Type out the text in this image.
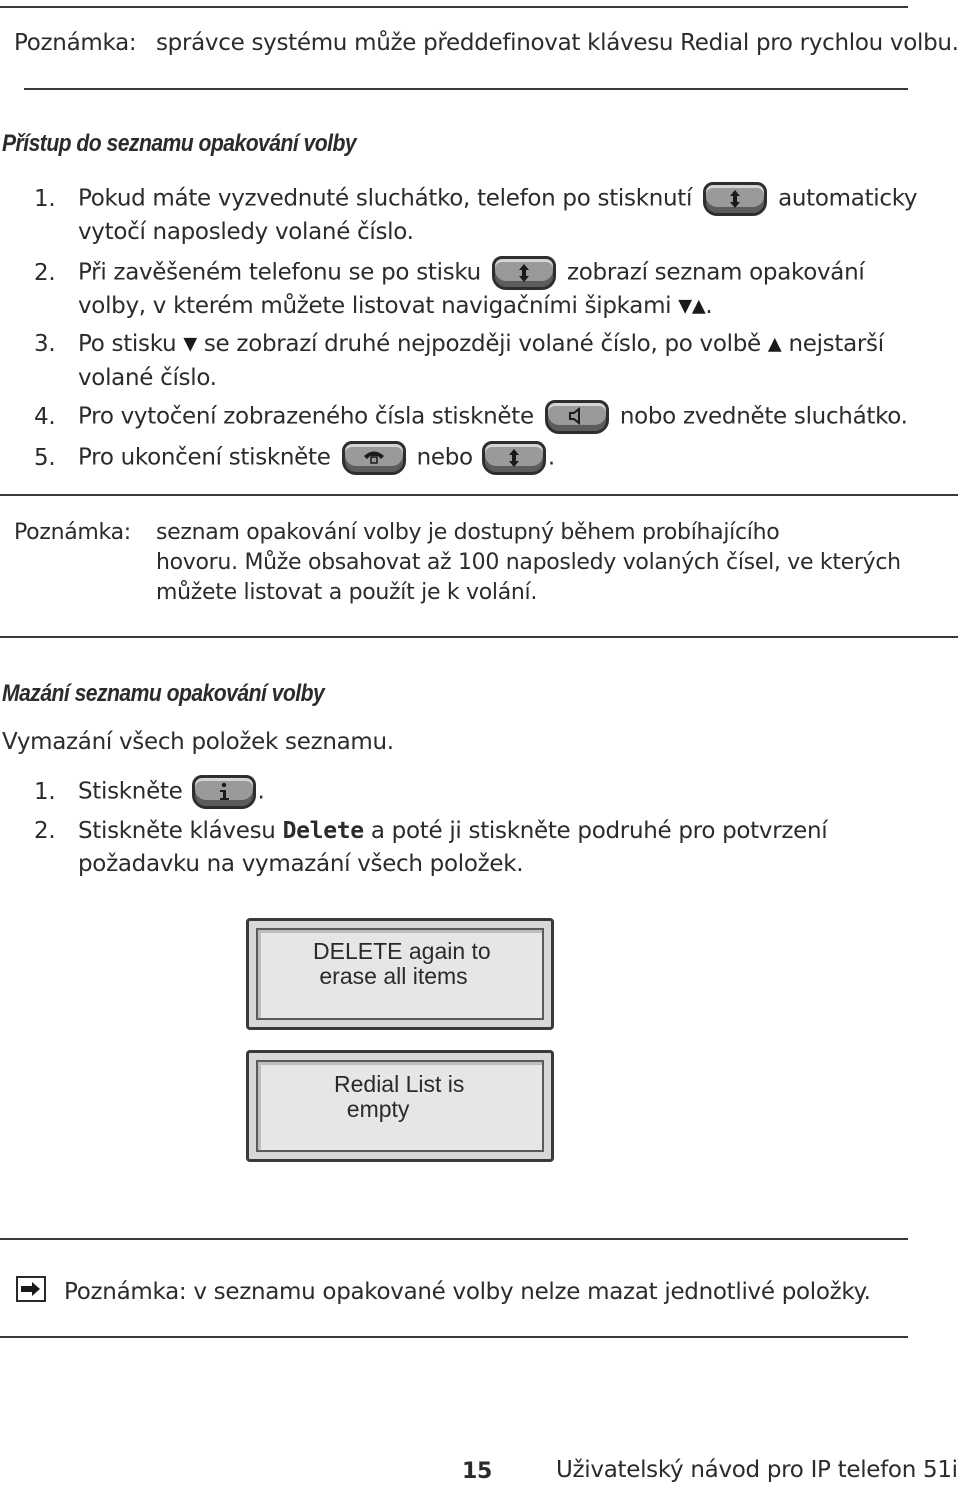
Poznámka: správce systému může předdefinovat klávesu Redial pro rychlou volbu.
Přístup do seznamu opakování volby
1. Pokud máte vyzvednuté sluchátko, telefon po stisknutí	automaticky
vytočí naposledy volané číslo.
2. Při zavěšeném telefonu se po stisku	zobrazí seznam opakování
volby, v kterém můžete listovat navigačními šipkami ▼▲.
3. Po stisku ▼ se zobrazí druhé nejpozději volané číslo, po volbě ▲ nejstarší
volané číslo.
4. Pro vytočení zobrazeného čísla stiskněte	nobo zvedněte sluchátko.
5. Pro ukončení stiskněte	nebo	.
Poznámka: seznam opakování volby je dostupný během probíhajícího
hovoru. Může obsahovat až 100 naposledy volaných čísel, ve kterých
můžete listovat a použít je k volání.
Mazání seznamu opakování volby
Vymazání všech položek seznamu.
1. Stiskněte	.
2. Stiskněte klávesu Delete a poté ji stiskněte podruhé pro potvrzení
požadavku na vymazání všech položek.
DELETE again to
erase all items
Redial List is
empty
Poznámka: v seznamu opakované volby nelze mazat jednotlivé položky.
15	Uživatelský návod pro IP telefon 51i
